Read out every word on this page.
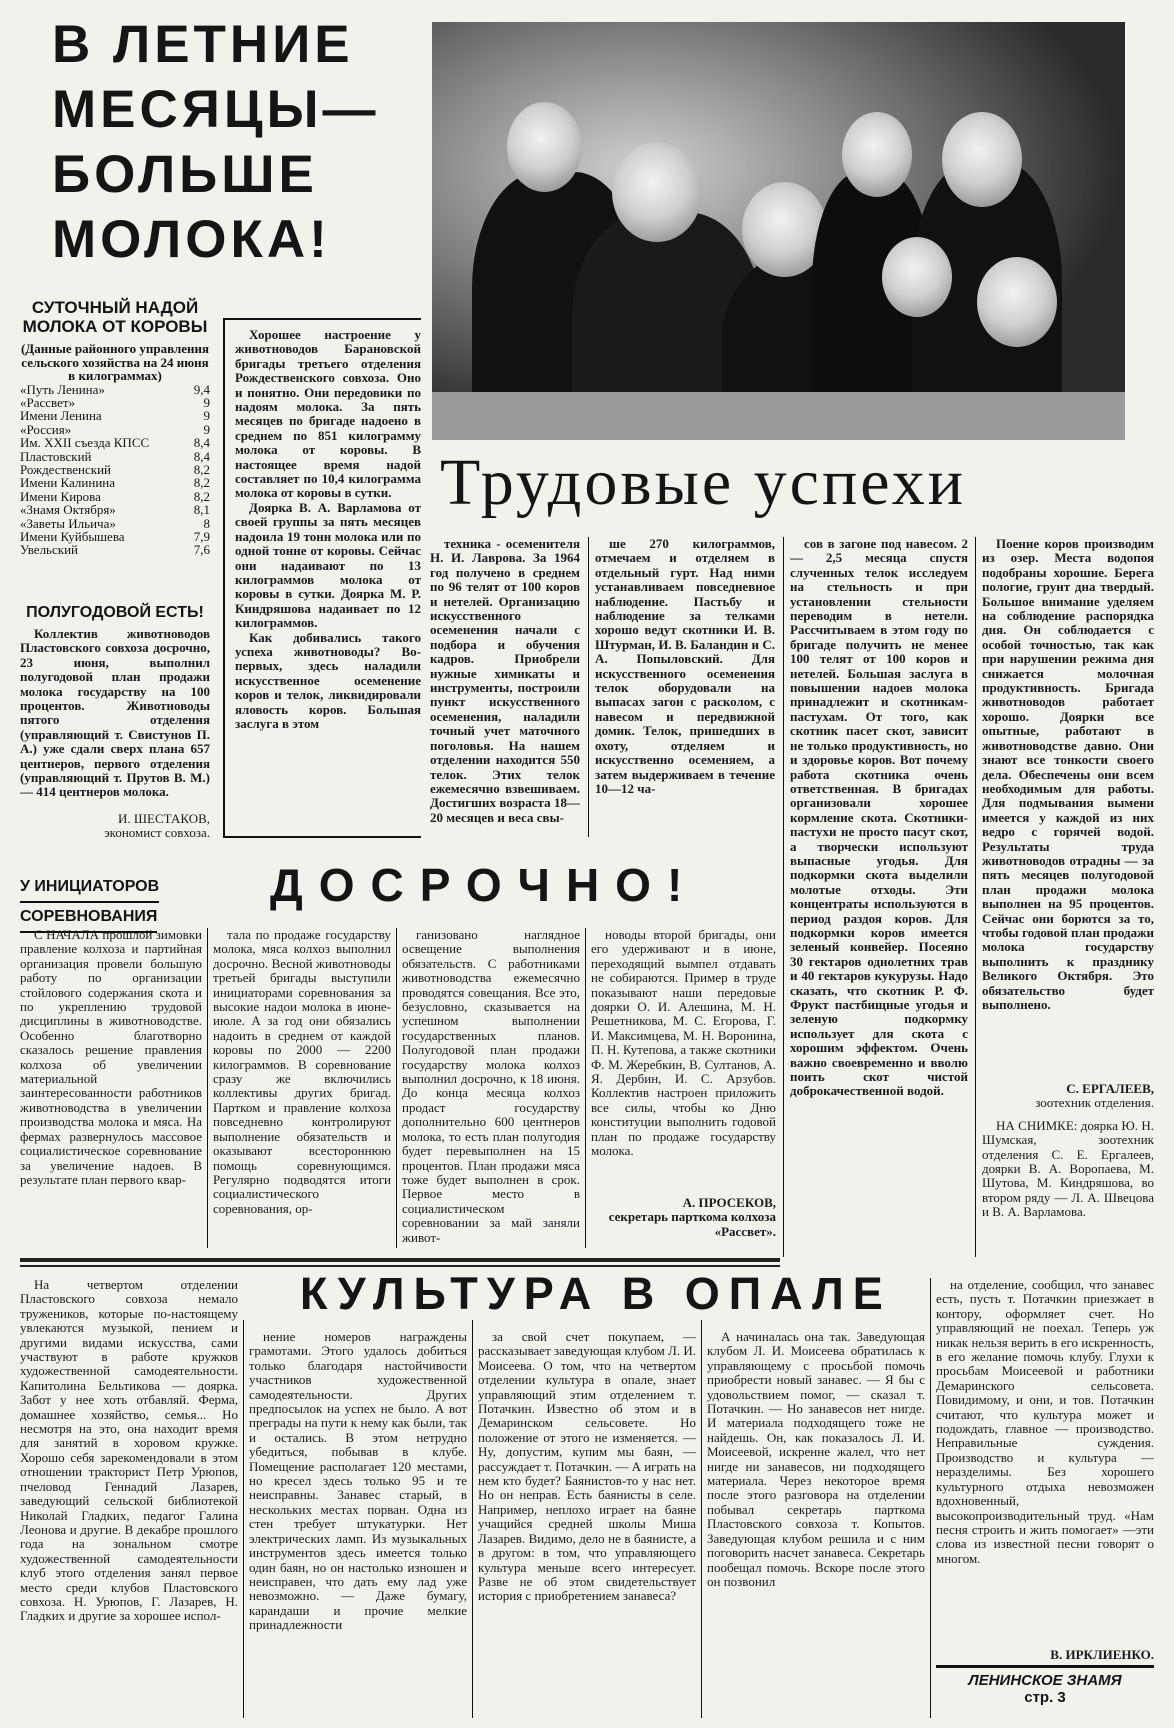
В ЛЕТНИЕ
МЕСЯЦЫ—
БОЛЬШЕ
МОЛОКА!
СУТОЧНЫЙ НАДОЙ МОЛОКА ОТ КОРОВЫ
(Данные районного управления сельского хозяйства на 24 июня в килограммах)
«Путь Ленина»	9,4
«Рассвет»	9
Имени Ленина	9
«Россия»	9
Им. XXII съезда КПСС	8,4
Пластовский	8,4
Рождественский	8,2
Имени Калинина	8,2
Имени Кирова	8,2
«Знамя Октября»	8,1
«Заветы Ильича»	8
Имени Куйбышева	7,9
Увельский	7,6
ПОЛУГОДОВОЙ ЕСТЬ!

Коллектив животноводов Пластовского совхоза досрочно, 23 июня, выполнил полугодовой план продажи молока государству на 100 процентов. Животноводы пятого отделения (управляющий т. Свистунов П. А.) уже сдали сверх плана 657 центнеров, первого отделения (управляющий т. Прутов В. М.) — 414 центнеров молока.

И. ШЕСТАКОВ,
экономист совхоза.

Хорошее настроение у животноводов Барановской бригады третьего отделения Рождественского совхоза. Оно и понятно. Они передовики по надоям молока. За пять месяцев по бригаде надоено в среднем по 851 килограмму молока от коровы. В настоящее время надой составляет по 10,4 килограмма молока от коровы в сутки.

Доярка В. А. Варламова от своей группы за пять месяцев надоила 19 тонн молока или по одной тонне от коровы. Сейчас они надаивают по 13 килограммов молока от коровы в сутки. Доярка М. Р. Киндряшова надаивает по 12 килограммов.

Как добивались такого успеха животноводы? Во-первых, здесь наладили искусственное осеменение коров и телок, ликвидировали яловость коров. Большая заслуга в этом

Трудовые успехи

техника - осеменителя Н. И. Лаврова. За 1964 год получено в среднем по 96 телят от 100 коров и нетелей. Организацию искусственного осеменения начали с подбора и обучения кадров. Приобрели нужные химикаты и инструменты, построили пункт искусственного осеменения, наладили точный учет маточного поголовья. На нашем отделении находится 550 телок. Этих телок ежемесячно взвешиваем. Достигших возраста 18—20 месяцев и веса свы-

ше 270 килограммов, отмечаем и отделяем в отдельный гурт. Над ними устанавливаем повседневное наблюдение. Пастьбу и наблюдение за телками хорошо ведут скотники И. В. Штурман, И. В. Баландин и С. А. Попыловский. Для искусственного осеменения телок оборудовали на выпасах загон с расколом, с навесом и передвижной домик. Телок, пришедших в охоту, отделяем и искусственно осеменяем, а затем выдерживаем в течение 10—12 ча-

сов в загоне под навесом. 2 — 2,5 месяца спустя слученных телок исследуем на стельность и при установлении стельности переводим в нетели. Рассчитываем в этом году по бригаде получить не менее 100 телят от 100 коров и нетелей. Большая заслуга в повышении надоев молока принадлежит и скотникам-пастухам. От того, как скотник пасет скот, зависит не только продуктивность, но и здоровье коров. Вот почему работа скотника очень ответственная. В бригадах организовали хорошее кормление скота. Скотники-пастухи не просто пасут скот, а творчески используют выпасные угодья. Для подкормки скота выделили молотые отходы. Эти концентраты используются в период раздоя коров. Для подкормки коров имеется зеленый конвейер. Посеяно 30 гектаров однолетних трав и 40 гектаров кукурузы. Надо сказать, что скотник Р. Ф. Фрукт пастбищные угодья и зеленую подкормку использует для скота с хорошим эффектом. Очень важно своевременно и вволю поить скот чистой доброкачественной водой.

Поение коров производим из озер. Места водопоя подобраны хорошие. Берега пологие, грунт дна твердый. Большое внимание уделяем на соблюдение распорядка дня. Он соблюдается с особой точностью, так как при нарушении режима дня снижается молочная продуктивность. Бригада животноводов работает хорошо. Доярки все опытные, работают в животноводстве давно. Они знают все тонкости своего дела. Обеспечены они всем необходимым для работы. Для подмывания вымени имеется у каждой из них ведро с горячей водой. Результаты труда животноводов отрадны — за пять месяцев полугодовой план продажи молока выполнен на 95 процентов. Сейчас они борются за то, чтобы годовой план продажи молока государству выполнить к празднику Великого Октября. Это обязательство будет выполнено.

С. ЕРГАЛЕЕВ,

зоотехник отделения.

НА СНИМКЕ: доярка Ю. Н. Шумская, зоотехник отделения С. Е. Ергалеев, доярки В. А. Воропаева, М. Шутова, М. Киндряшова, во втором ряду — Л. А. Швецова и В. А. Варламова.

У ИНИЦИАТОРОВ
СОРЕВНОВАНИЯ
ДОСРОЧНО!

С НАЧАЛА прошлой зимовки правление колхоза и партийная организация провели большую работу по организации стойлового содержания скота и по укреплению трудовой дисциплины в животноводстве. Особенно благотворно сказалось решение правления колхоза об увеличении материальной заинтересованности работников животноводства в увеличении производства молока и мяса. На фермах развернулось массовое социалистическое соревнование за увеличение надоев. В результате план первого квар-

тала по продаже государству молока, мяса колхоз выполнил досрочно. Весной животноводы третьей бригады выступили инициаторами соревнования за высокие надои молока в июне-июле. А за год они обязались надоить в среднем от каждой коровы по 2000 — 2200 килограммов. В соревнование сразу же включились коллективы других бригад. Партком и правление колхоза повседневно контролируют выполнение обязательств и оказывают всестороннюю помощь соревнующимся. Регулярно подводятся итоги социалистического соревнования, ор-

ганизовано наглядное освещение выполнения обязательств. С работниками животноводства ежемесячно проводятся совещания. Все это, безусловно, сказывается на успешном выполнении государственных планов. Полугодовой план продажи государству молока колхоз выполнил досрочно, к 18 июня. До конца месяца колхоз продаст государству дополнительно 600 центнеров молока, то есть план полугодия будет перевыполнен на 15 процентов. План продажи мяса тоже будет выполнен в срок. Первое место в социалистическом соревновании за май заняли живот-

новоды второй бригады, они его удерживают и в июне, переходящий вымпел отдавать не собираются. Пример в труде показывают наши передовые доярки О. И. Алешина, М. Н. Решетникова, М. С. Егорова, Г. И. Максимцева, М. Н. Воронина, П. Н. Кутепова, а также скотники Ф. М. Жеребкин, В. Султанов, А. Я. Дербин, И. С. Арзубов. Коллектив настроен приложить все силы, чтобы ко Дню конституции выполнить годовой план по продаже государству молока.

А. ПРОСЕКОВ,

секретарь парткома колхоза «Рассвет».

КУЛЬТУРА В ОПАЛЕ

На четвертом отделении Пластовского совхоза немало тружеников, которые по-настоящему увлекаются музыкой, пением и другими видами искусства, сами участвуют в работе кружков художественной самодеятельности. Капитолина Бельтикова — доярка. Забот у нее хоть отбавляй. Ферма, домашнее хозяйство, семья... Но несмотря на это, она находит время для занятий в хоровом кружке. Хорошо себя зарекомендовали в этом отношении тракторист Петр Урюпов, пчеловод Геннадий Лазарев, заведующий сельской библиотекой Николай Гладких, педагог Галина Леонова и другие. В декабре прошлого года на зональном смотре художественной самодеятельности клуб этого отделения занял первое место среди клубов Пластовского совхоза. Н. Урюпов, Г. Лазарев, Н. Гладких и другие за хорошее испол-

нение номеров награждены грамотами. Этого удалось добиться только благодаря настойчивости участников художественной самодеятельности. Других предпосылок на успех не было. А вот преграды на пути к нему как были, так и остались. В этом нетрудно убедиться, побывав в клубе. Помещение располагает 120 местами, но кресел здесь только 95 и те неисправны. Занавес старый, в нескольких местах порван. Одна из стен требует штукатурки. Нет электрических ламп. Из музыкальных инструментов здесь имеется только один баян, но он настолько изношен и неисправен, что дать ему лад уже невозможно. — Даже бумагу, карандаши и прочие мелкие принадлежности

за свой счет покупаем, — рассказывает заведующая клубом Л. И. Моисеева. О том, что на четвертом отделении культура в опале, знает управляющий этим отделением т. Потачкин. Известно об этом и в Демаринском сельсовете. Но положение от этого не изменяется. — Ну, допустим, купим мы баян, — рассуждает т. Потачкин. — А играть на нем кто будет? Баянистов-то у нас нет. Но он неправ. Есть баянисты в селе. Например, неплохо играет на баяне учащийся средней школы Миша Лазарев. Видимо, дело не в баянисте, а в другом: в том, что управляющего культура меньше всего интересует. Разве не об этом свидетельствует история с приобретением занавеса?

А начиналась она так. Заведующая клубом Л. И. Моисеева обратилась к управляющему с просьбой помочь приобрести новый занавес. — Я бы с удовольствием помог, — сказал т. Потачкин. — Но занавесов нет нигде. И материала подходящего тоже не найдешь. Он, как показалось Л. И. Моисеевой, искренне жалел, что нет нигде ни занавесов, ни подходящего материала. Через некоторое время после этого разговора на отделении побывал секретарь парткома Пластовского совхоза т. Копытов. Заведующая клубом решила и с ним поговорить насчет занавеса. Секретарь пообещал помочь. Вскоре после этого он позвонил

на отделение, сообщил, что занавес есть, пусть т. Потачкин приезжает в контору, оформляет счет. Но управляющий не поехал. Теперь уж никак нельзя верить в его искренность, в его желание помочь клубу. Глухи к просьбам Моисеевой и работники Демаринского сельсовета. Повидимому, и они, и тов. Потачкин считают, что культура может и подождать, главное — производство. Неправильные суждения. Производство и культура — неразделимы. Без хорошего культурного отдыха невозможен вдохновенный, высокопроизводительный труд. «Нам песня строить и жить помогает» —эти слова из известной песни говорят о многом.

В. ИРКЛИЕНКО.

ЛЕНИНСКОЕ ЗНАМЯ
стр. 3
